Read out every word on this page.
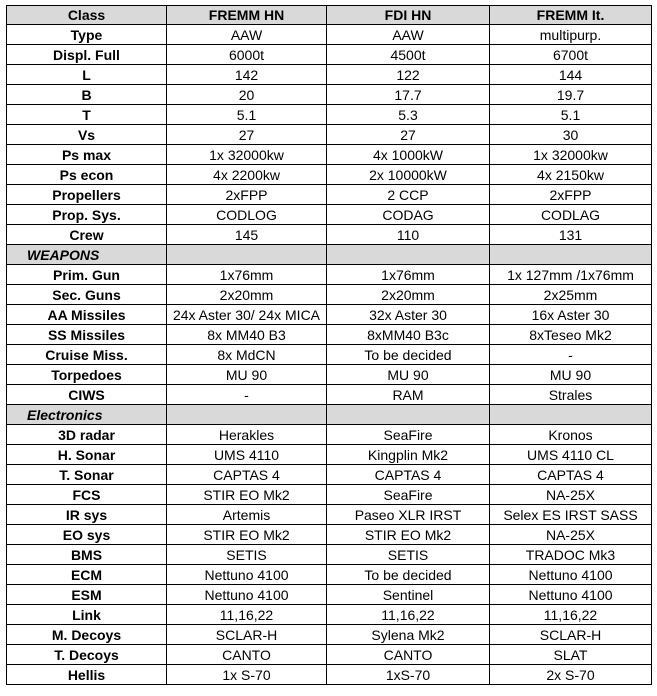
Class	FREMM HN	FDI HN	FREMM It.
Type	AAW	AAW	multipurp.
Displ. Full	6000t	4500t	6700t
L	142	122	144
B	20	17.7	19.7
T	5.1	5.3	5.1
Vs	27	27	30
Ps max	1x 32000kw	4x 1000kW	1x 32000kw
Ps econ	4x 2200kw	2x 10000kW	4x 2150kw
Propellers	2xFPP	2 CCP	2xFPP
Prop. Sys.	CODLOG	CODAG	CODLAG
Crew	145	110	131
WEAPONS			
Prim. Gun	1x76mm	1x76mm	1x 127mm /1x76mm
Sec. Guns	2x20mm	2x20mm	2x25mm
AA Missiles	24x Aster 30/ 24x MICA	32x Aster 30	16x Aster 30
SS Missiles	8x MM40 B3	8xMM40 B3c	8xTeseo Mk2
Cruise Miss.	8x MdCN	To be decided	-
Torpedoes	MU 90	MU 90	MU 90
CIWS	-	RAM	Strales
Electronics			
3D radar	Herakles	SeaFire	Kronos
H. Sonar	UMS 4110	Kingplin Mk2	UMS 4110 CL
T. Sonar	CAPTAS 4	CAPTAS 4	CAPTAS 4
FCS	STIR EO Mk2	SeaFire	NA-25X
IR sys	Artemis	Paseo XLR IRST	Selex ES IRST SASS
EO sys	STIR EO Mk2	STIR EO Mk2	NA-25X
BMS	SETIS	SETIS	TRADOC Mk3
ECM	Nettuno 4100	To be decided	Nettuno 4100
ESM	Nettuno 4100	Sentinel	Nettuno 4100
Link	11,16,22	11,16,22	11,16,22
M. Decoys	SCLAR-H	Sylena Mk2	SCLAR-H
T. Decoys	CANTO	CANTO	SLAT
Hellis	1x S-70	1xS-70	2x S-70
